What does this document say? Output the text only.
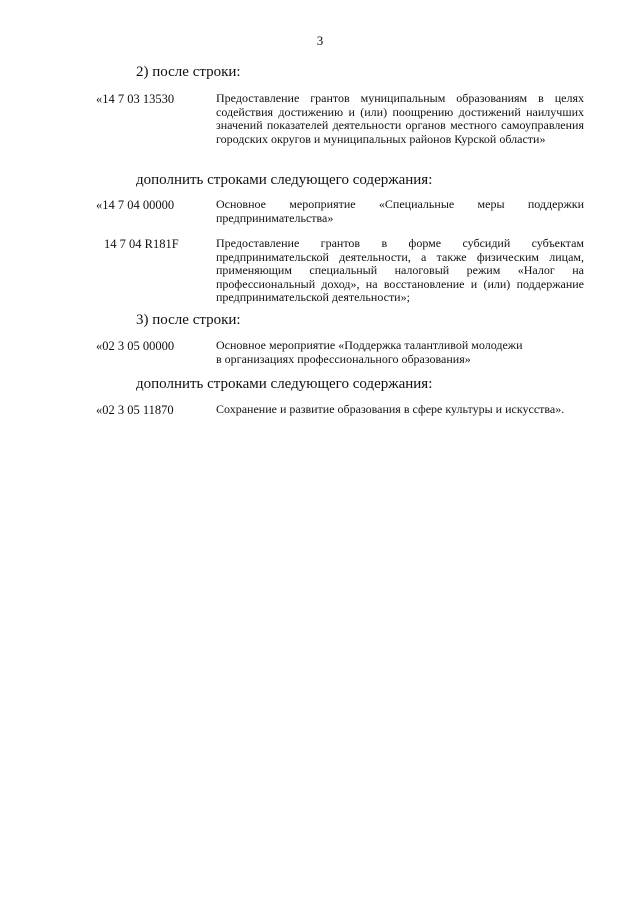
3
2) после строки:
«14 7 03 13530	Предоставление грантов муниципальным образованиям в целях содействия достижению и (или) поощрению достижений наилучших значений показателей деятельности органов местного самоуправления городских округов и муниципальных районов Курской области»
дополнить строками следующего содержания:
«14 7 04 00000	Основное мероприятие «Специальные меры поддержки предпринимательства»
14 7 04 R181F	Предоставление грантов в форме субсидий субъектам предпринимательской деятельности, а также физическим лицам, применяющим специальный налоговый режим «Налог на профессиональный доход», на восстановление и (или) поддержание предпринимательской деятельности»;
3) после строки:
«02 3 05 00000	Основное мероприятие «Поддержка талантливой молодежи
в организациях профессионального образования»
дополнить строками следующего содержания:
«02 3 05 11870	Сохранение и развитие образования в сфере культуры и искусства».
